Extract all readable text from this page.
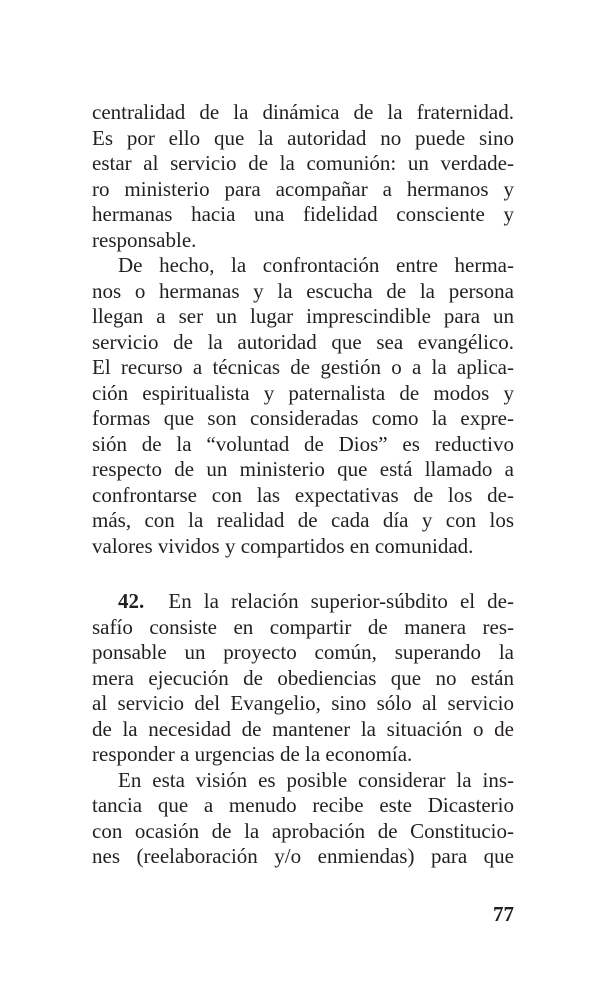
centralidad de la dinámica de la fraternidad.
Es por ello que la autoridad no puede sino
estar al servicio de la comunión: un verdade-
ro ministerio para acompañar a hermanos y
hermanas hacia una fidelidad consciente y
responsable.
De hecho, la confrontación entre herma-
nos o hermanas y la escucha de la persona
llegan a ser un lugar imprescindible para un
servicio de la autoridad que sea evangélico.
El recurso a técnicas de gestión o a la aplica-
ción espiritualista y paternalista de modos y
formas que son consideradas como la expre-
sión de la “voluntad de Dios” es reductivo
respecto de un ministerio que está llamado a
confrontarse con las expectativas de los de-
más, con la realidad de cada día y con los
valores vividos y compartidos en comunidad.
42. En la relación superior-súbdito el de-
safío consiste en compartir de manera res-
ponsable un proyecto común, superando la
mera ejecución de obediencias que no están
al servicio del Evangelio, sino sólo al servicio
de la necesidad de mantener la situación o de
responder a urgencias de la economía.
En esta visión es posible considerar la ins-
tancia que a menudo recibe este Dicasterio
con ocasión de la aprobación de Constitucio-
nes (reelaboración y/o enmiendas) para que
77
